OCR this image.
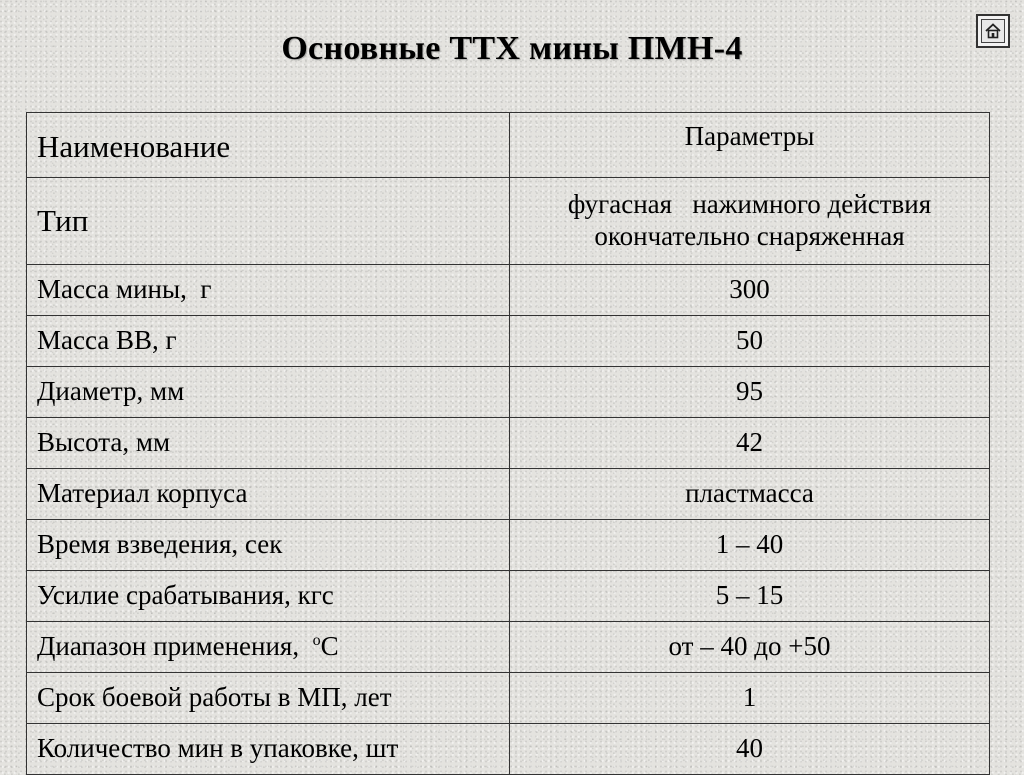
Основные ТТХ мины ПМН-4
Наименование	Параметры
Тип	фугасная   нажимного действия
окончательно снаряженная
Масса мины,  г	300
Масса ВВ, г	50
Диаметр, мм	95
Высота, мм	42
Материал корпуса	пластмасса
Время взведения, сек	1 – 40
Усилие срабатывания, кгс	5 – 15
Диапазон применения,  $^o$С	от – 40 до +50
Срок боевой работы в МП, лет	1
Количество мин в упаковке, шт	40
